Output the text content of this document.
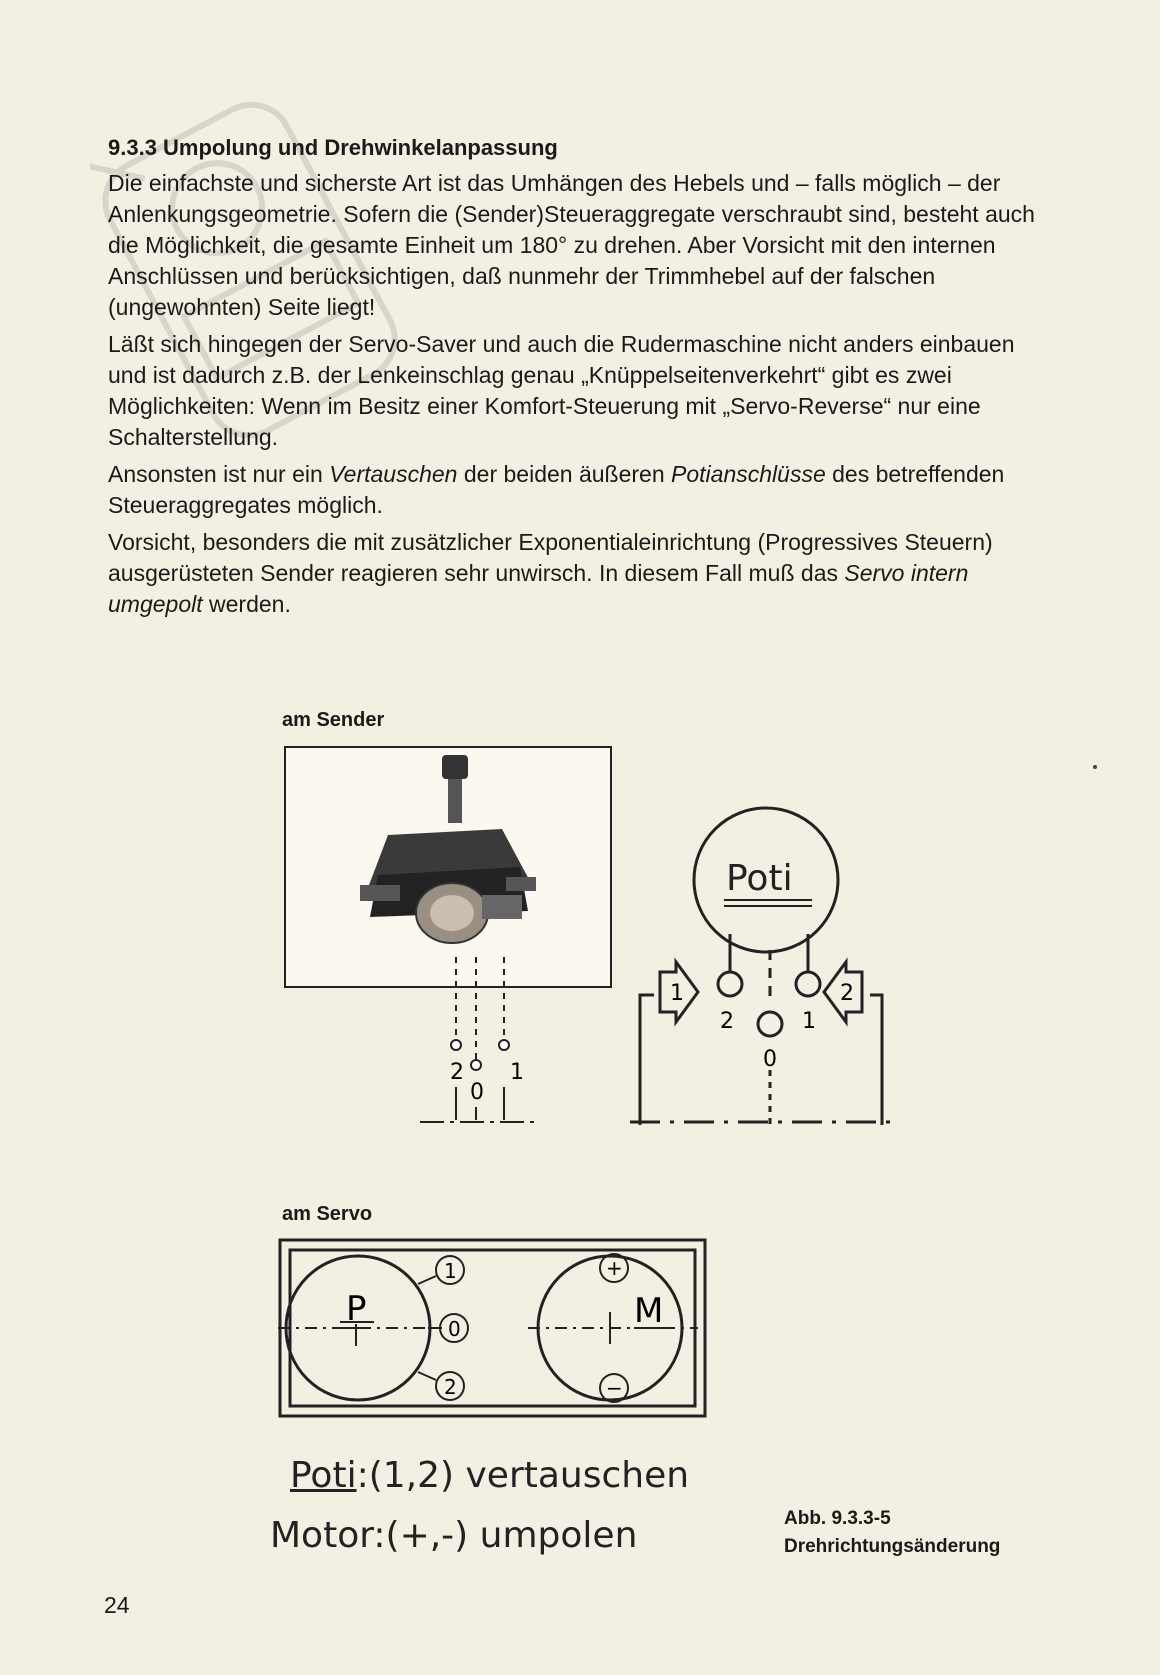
9.3.3 Umpolung und Drehwinkelanpassung

Die einfachste und sicherste Art ist das Umhängen des Hebels und – falls möglich – der Anlenkungsgeometrie. Sofern die (Sender)Steueraggregate verschraubt sind, besteht auch die Möglichkeit, die gesamte Einheit um 180° zu drehen. Aber Vorsicht mit den internen Anschlüssen und berücksichtigen, daß nunmehr der Trimmhebel auf der falschen (ungewohnten) Seite liegt!

Läßt sich hingegen der Servo-Saver und auch die Rudermaschine nicht anders einbauen und ist dadurch z.B. der Lenkeinschlag genau „Knüppelseitenverkehrt“ gibt es zwei Möglichkeiten: Wenn im Besitz einer Komfort-Steuerung mit „Servo-Reverse“ nur eine Schalterstellung.

Ansonsten ist nur ein Vertauschen der beiden äußeren Potianschlüsse des betreffenden Steueraggregates möglich.

Vorsicht, besonders die mit zusätzlicher Exponentialeinrichtung (Progressives Steuern) ausgerüsteten Sender reagieren sehr unwirsch. In diesem Fall muß das Servo intern umgepolt werden.

am Sender
2
0
1
Poti
1	2
2
0
1
am Servo
P
1
0
2
M
+
−
Poti:(1,2) vertauschen
Motor:(+,-) umpolen	Abb. 9.3.3-5
Drehrichtungsänderung
24
